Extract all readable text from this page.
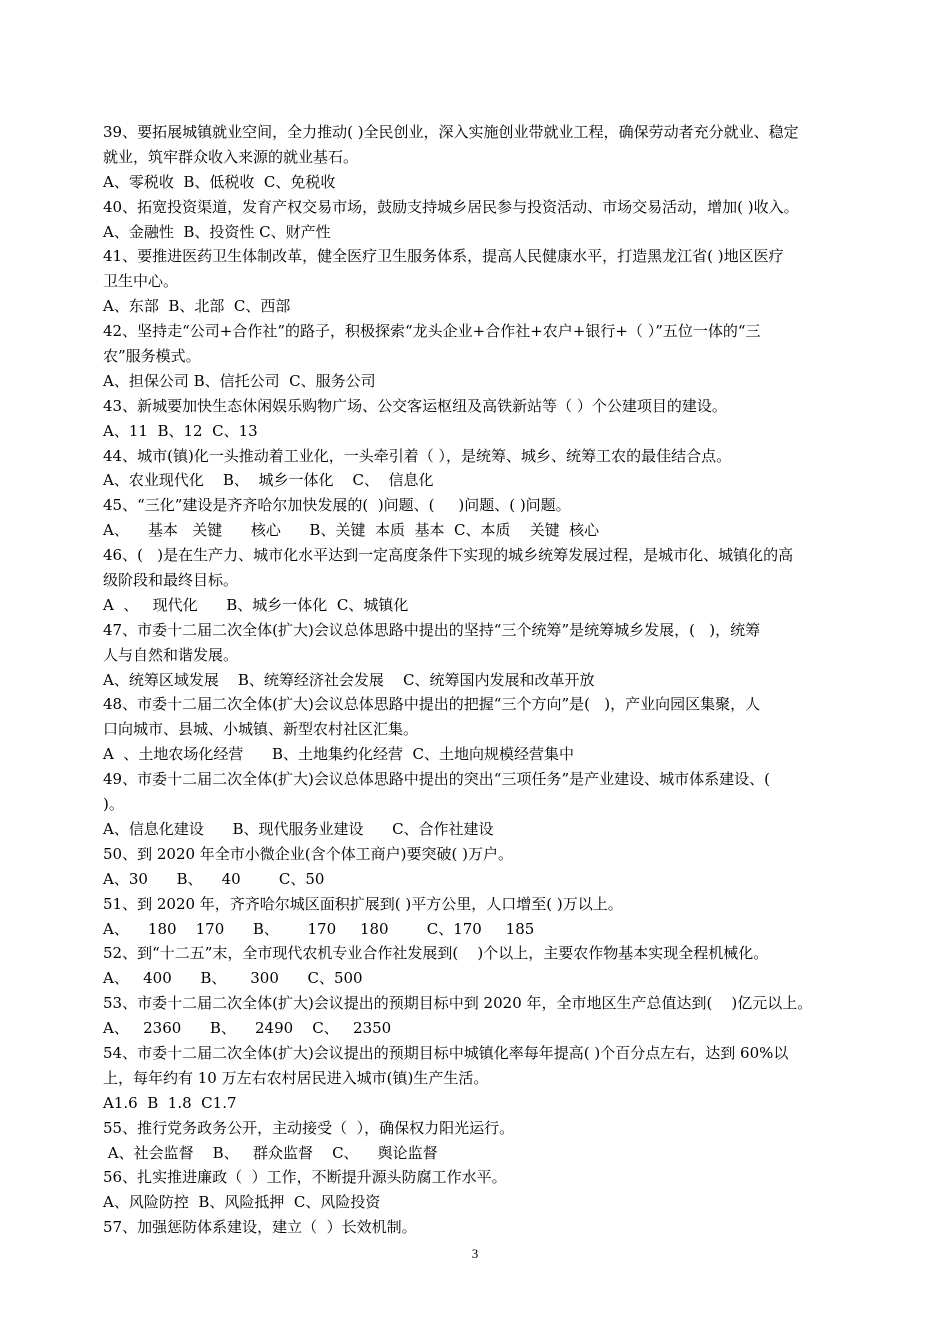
39、要拓展城镇就业空间，全力推动( )全民创业，深入实施创业带就业工程，确保劳动者充分就业、稳定
就业，筑牢群众收入来源的就业基石。
A、零税收  B、低税收  C、免税收
40、拓宽投资渠道，发育产权交易市场，鼓励支持城乡居民参与投资活动、市场交易活动，增加( )收入。
A、金融性  B、投资性 C、财产性
41、要推进医药卫生体制改革，健全医疗卫生服务体系，提高人民健康水平，打造黑龙江省( )地区医疗
卫生中心。
A、东部  B、北部  C、西部
42、坚持走“公司+合作社”的路子，积极探索“龙头企业+合作社+农户+银行+（ ）”五位一体的“三
农”服务模式。
A、担保公司 B、信托公司  C、服务公司
43、新城要加快生态休闲娱乐购物广场、公交客运枢纽及高铁新站等（ ）个公建项目的建设。
A、11  B、12  C、13
44、城市(镇)化一头推动着工业化，一头牵引着（ ），是统筹、城乡、统筹工农的最佳结合点。
A、农业现代化    B、  城乡一体化    C、  信息化
45、“三化”建设是齐齐哈尔加快发展的(  )问题、(     )问题、( )问题。
A、    基本   关键      核心      B、关键  本质  基本  C、本质    关键  核心
46、(   )是在生产力、城市化水平达到一定高度条件下实现的城乡统筹发展过程，是城市化、城镇化的高
级阶段和最终目标。
A  、   现代化      B、城乡一体化  C、城镇化
47、市委十二届二次全体(扩大)会议总体思路中提出的坚持“三个统筹”是统筹城乡发展，(   )，统筹
人与自然和谐发展。
A、统筹区域发展    B、统筹经济社会发展    C、统筹国内发展和改革开放
48、市委十二届二次全体(扩大)会议总体思路中提出的把握“三个方向”是(   )，产业向园区集聚，人
口向城市、县城、小城镇、新型农村社区汇集。
A  、土地农场化经营      B、土地集约化经营  C、土地向规模经营集中
49、市委十二届二次全体(扩大)会议总体思路中提出的突出“三项任务”是产业建设、城市体系建设、(
)。
A、信息化建设      B、现代服务业建设      C、合作社建设
50、到 2020 年全市小微企业(含个体工商户)要突破( )万户。
A、30      B、    40        C、50
51、到 2020 年，齐齐哈尔城区面积扩展到( )平方公里，人口增至( )万以上。
A、    180    170      B、      170     180        C、170     185
52、到“十二五”末，全市现代农机专业合作社发展到(    )个以上，主要农作物基本实现全程机械化。
A、   400      B、     300      C、500
53、市委十二届二次全体(扩大)会议提出的预期目标中到 2020 年，全市地区生产总值达到(    )亿元以上。
A、   2360      B、    2490    C、   2350
54、市委十二届二次全体(扩大)会议提出的预期目标中城镇化率每年提高( )个百分点左右，达到 60%以
上，每年约有 10 万左右农村居民进入城市(镇)生产生活。
A1.6  B  1.8  C1.7
55、推行党务政务公开，主动接受（  ），确保权力阳光运行。
A、社会监督    B、   群众监督    C、    舆论监督
56、扎实推进廉政（  ）工作，不断提升源头防腐工作水平。
A、风险防控  B、风险抵押  C、风险投资
57、加强惩防体系建设，建立（  ）长效机制。
3
